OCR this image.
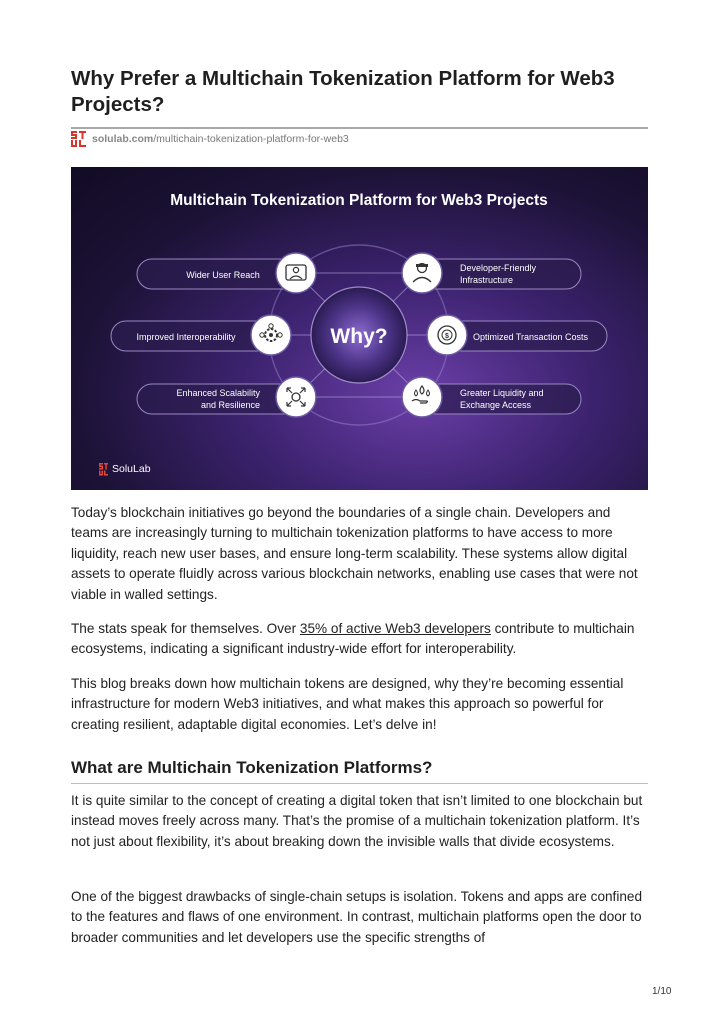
Why Prefer a Multichain Tokenization Platform for Web3 Projects?
solulab.com /multichain-tokenization-platform-for-web3
Multichain Tokenization Platform for Web3 Projects
Why?
Wider User Reach
Improved Interoperability
Enhanced Scalability
and Resilience
Developer-Friendly
Infrastructure
Optimized Transaction Costs
Greater Liquidity and
Exchange Access
$
SoluLab

Today’s blockchain initiatives go beyond the boundaries of a single chain. Developers and teams are increasingly turning to multichain tokenization platforms to have access to more liquidity, reach new user bases, and ensure long-term scalability. These systems allow digital assets to operate fluidly across various blockchain networks, enabling use cases that were not viable in walled settings.

The stats speak for themselves. Over 35% of active Web3 developers contribute to multichain ecosystems, indicating a significant industry-wide effort for interoperability.

This blog breaks down how multichain tokens are designed, why they’re becoming essential infrastructure for modern Web3 initiatives, and what makes this approach so powerful for creating resilient, adaptable digital economies. Let’s delve in!

What are Multichain Tokenization Platforms?

It is quite similar to the concept of creating a digital token that isn’t limited to one blockchain but instead moves freely across many. That’s the promise of a multichain tokenization platform. It’s not just about flexibility, it’s about breaking down the invisible walls that divide ecosystems.

One of the biggest drawbacks of single-chain setups is isolation. Tokens and apps are confined to the features and flaws of one environment. In contrast, multichain platforms open the door to broader communities and let developers use the specific strengths of

1/10
